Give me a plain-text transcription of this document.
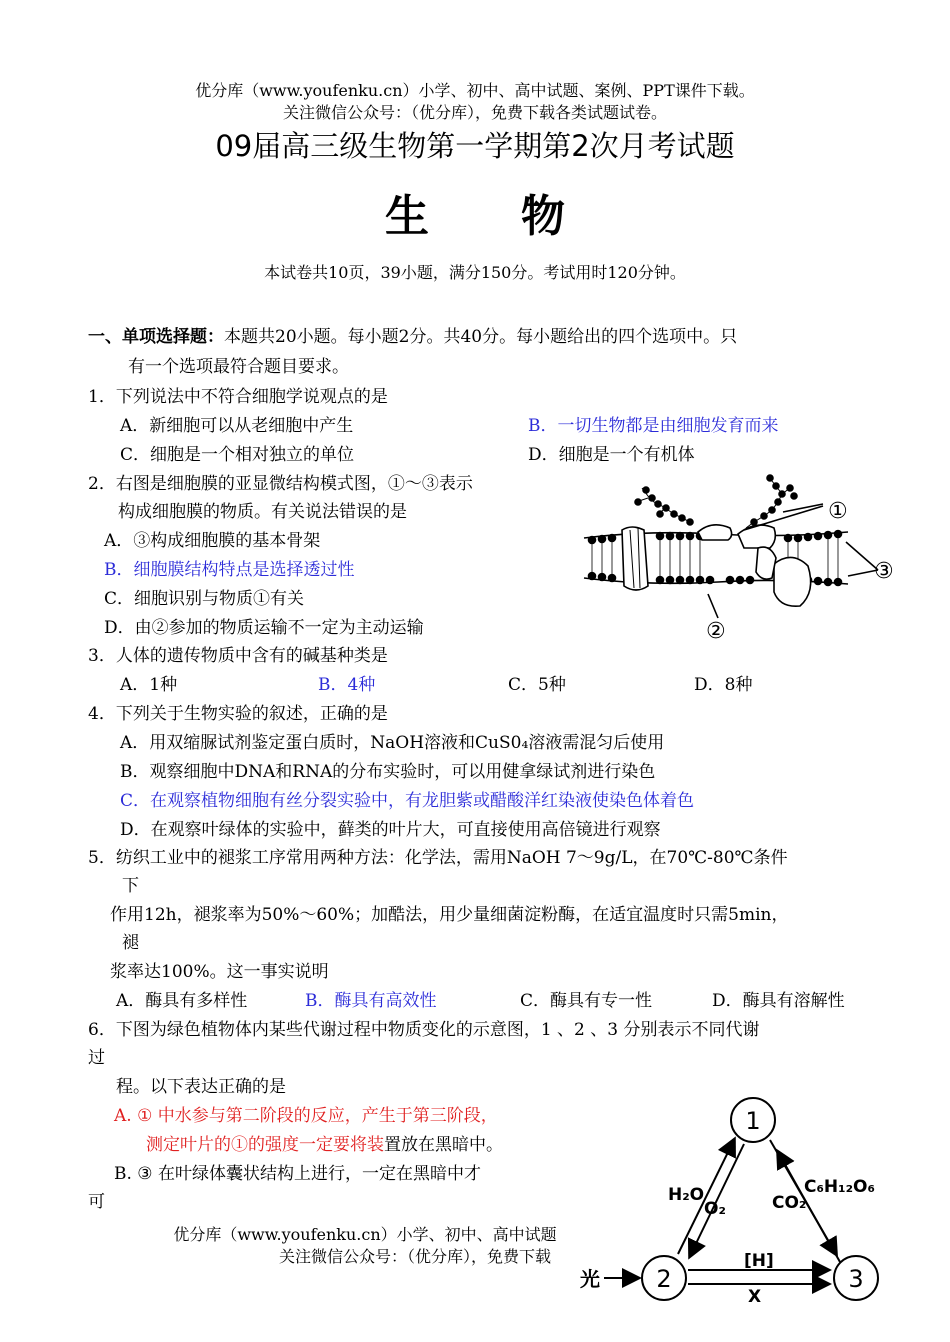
优分库（www.youfenku.cn）小学、初中、高中试题、案例、PPT课件下载。
关注微信公众号：（优分库），免费下载各类试题试卷。
09届高三级生物第一学期第2次月考试题
生物
本试卷共10页，39小题，满分150分。考试用时120分钟。
一、单项选择题：本题共20小题。每小题2分。共40分。每小题给出的四个选项中。只
有一个选项最符合题目要求。
1．下列说法中不符合细胞学说观点的是
A．新细胞可以从老细胞中产生	B．一切生物都是由细胞发育而来
C．细胞是一个相对独立的单位	D．细胞是一个有机体
2．右图是细胞膜的亚显微结构模式图，①～③表示
构成细胞膜的物质。有关说法错误的是
A．③构成细胞膜的基本骨架
B．细胞膜结构特点是选择透过性
C．细胞识别与物质①有关
D．由②参加的物质运输不一定为主动运输
①
②
③
3．人体的遗传物质中含有的碱基种类是
A．1种	B．4种	C．5种	D．8种
4．下列关于生物实验的叙述，正确的是
A．用双缩脲试剂鉴定蛋白质时，NaOH溶液和CuS0₄溶液需混匀后使用
B．观察细胞中DNA和RNA的分布实验时，可以用健拿绿试剂进行染色
C．在观察植物细胞有丝分裂实验中，有龙胆紫或醋酸洋红染液使染色体着色
D．在观察叶绿体的实验中，藓类的叶片大，可直接使用高倍镜进行观察
5．纺织工业中的褪浆工序常用两种方法：化学法，需用NaOH 7～9g/L，在70℃-80℃条件
下
作用12h，褪浆率为50%～60%；加酷法，用少量细菌淀粉酶，在适宜温度时只需5min，
褪
浆率达100%。这一事实说明
A．酶具有多样性	B．酶具有高效性	C．酶具有专一性	D．酶具有溶解性
6．下图为绿色植物体内某些代谢过程中物质变化的示意图，1 、2 、3 分别表示不同代谢
过
程。以下表达正确的是
A. ① 中水参与第二阶段的反应，产生于第三阶段，
测定叶片的①的强度一定要将装置放在黑暗中。
B. ③ 在叶绿体囊状结构上进行，一定在黑暗中才
可
1
2	3
H₂O
O₂	CO₂
C₆H₁₂O₆
[H]
X
光
优分库（www.youfenku.cn）小学、初中、高中试题
关注微信公众号：（优分库），免费下载
